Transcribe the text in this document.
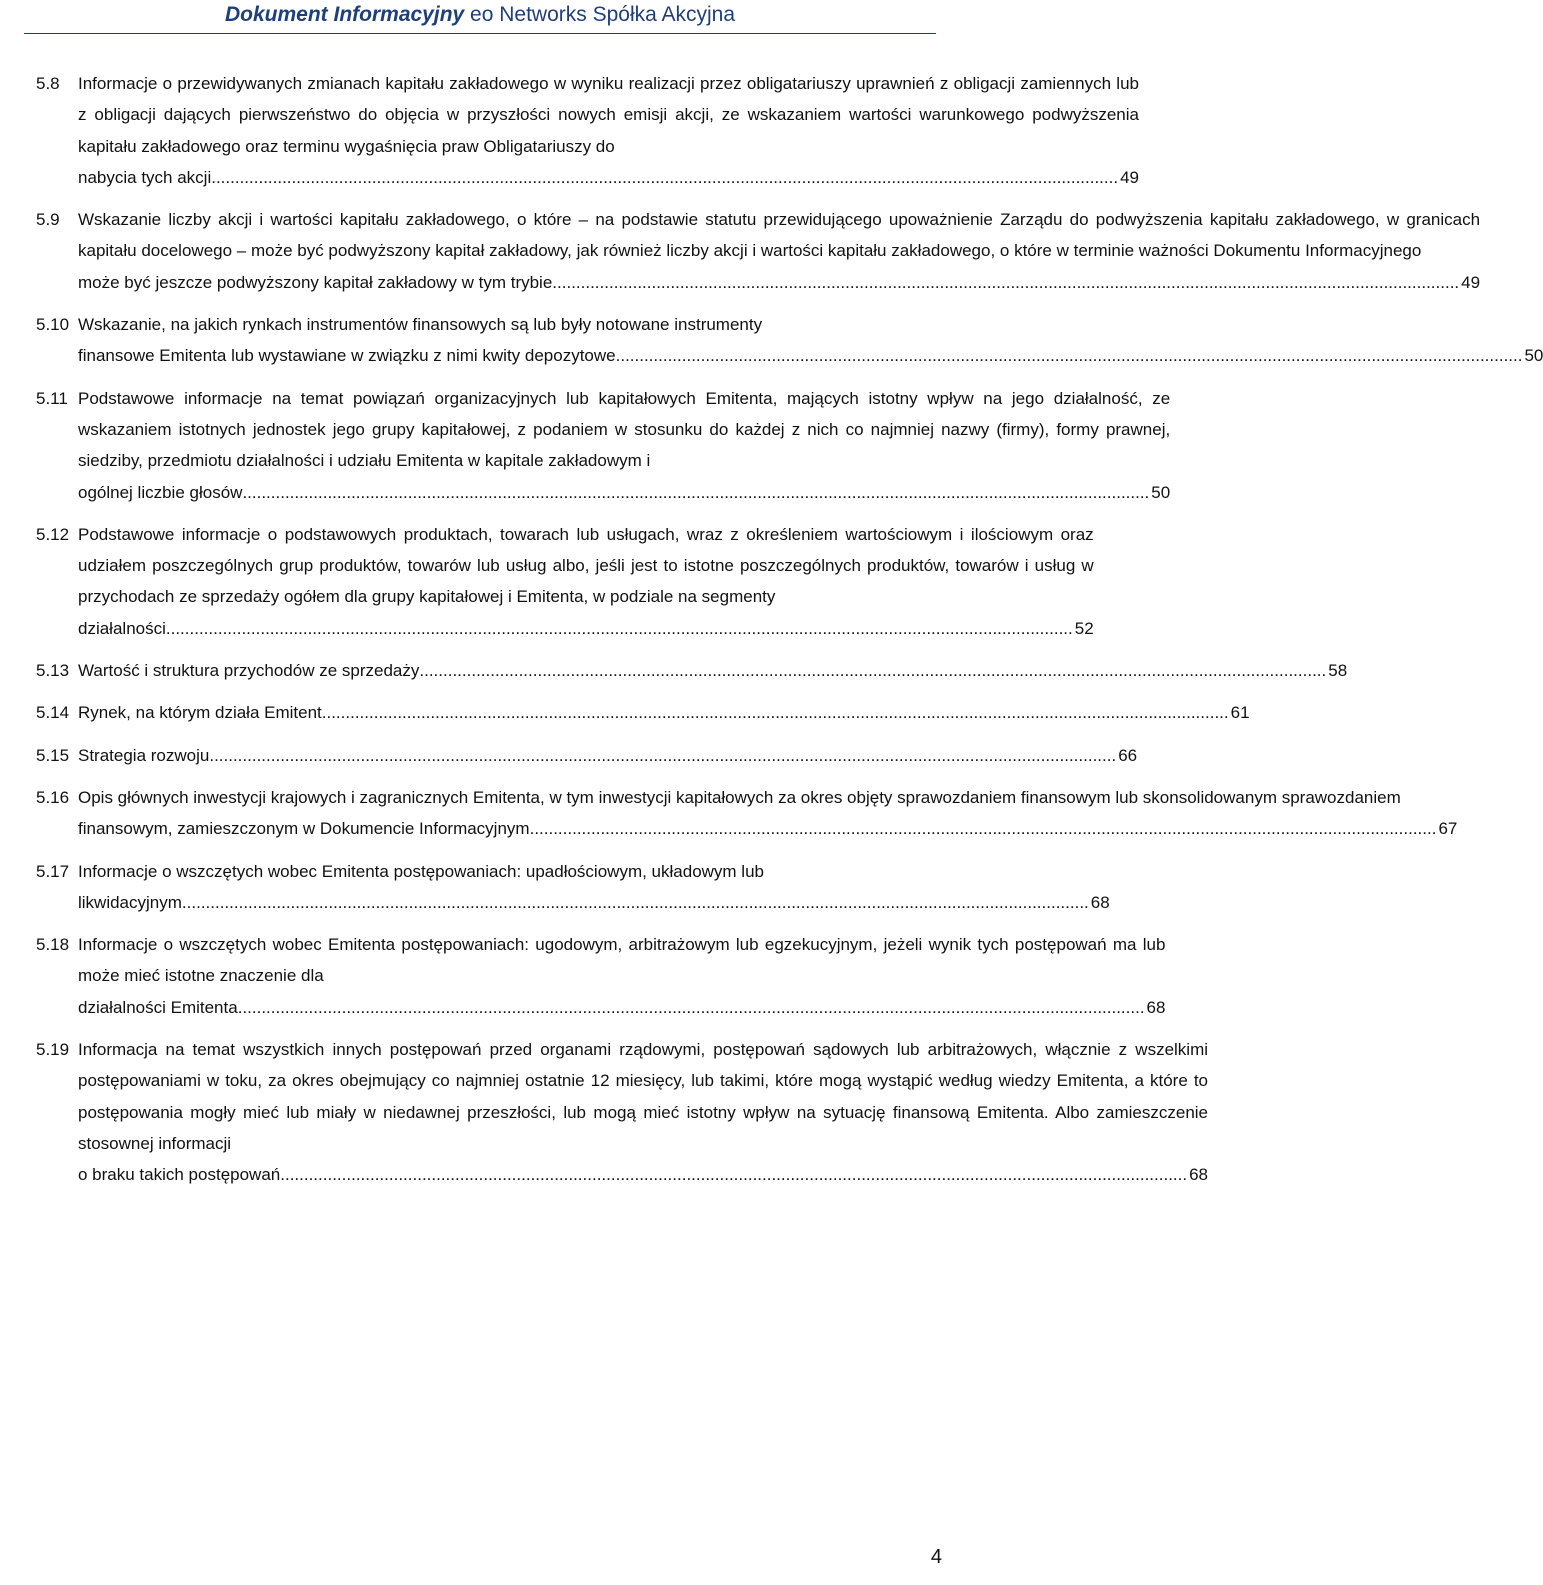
Dokument Informacyjny eo Networks Spółka Akcyjna
5.8	Informacje o przewidywanych zmianach kapitału zakładowego w wyniku realizacji przez obligatariuszy uprawnień z obligacji zamiennych lub z obligacji dających pierwszeństwo do objęcia w przyszłości nowych emisji akcji, ze wskazaniem wartości warunkowego podwyższenia kapitału zakładowego oraz terminu wygaśnięcia praw Obligatariuszy do
nabycia tych akcji .....	49
5.9	Wskazanie liczby akcji i wartości kapitału zakładowego, o które – na podstawie statutu przewidującego upoważnienie Zarządu do podwyższenia kapitału zakładowego, w granicach kapitału docelowego – może być podwyższony kapitał zakładowy, jak również liczby akcji i wartości kapitału zakładowego, o które w terminie ważności Dokumentu Informacyjnego
może być jeszcze podwyższony kapitał zakładowy w tym trybie .....	49
5.10 Wskazanie, na jakich rynkach instrumentów finansowych są lub były notowane instrumenty
finansowe Emitenta lub wystawiane w związku z nimi kwity depozytowe .....	50
5.11 Podstawowe informacje na temat powiązań organizacyjnych lub kapitałowych Emitenta, mających istotny wpływ na jego działalność, ze wskazaniem istotnych jednostek jego grupy kapitałowej, z podaniem w stosunku do każdej z nich co najmniej nazwy (firmy), formy prawnej, siedziby, przedmiotu działalności i udziału Emitenta w kapitale zakładowym i
ogólnej liczbie głosów .....	50
5.12 Podstawowe informacje o podstawowych produktach, towarach lub usługach, wraz z określeniem wartościowym i ilościowym oraz udziałem poszczególnych grup produktów, towarów lub usług albo, jeśli jest to istotne poszczególnych produktów, towarów i usług w przychodach ze sprzedaży ogółem dla grupy kapitałowej i Emitenta, w podziale na segmenty
działalności .....	52
5.13 Wartość i struktura przychodów ze sprzedaży .....	58
5.14 Rynek, na którym działa Emitent .....	61
5.15 Strategia rozwoju .....	66
5.16 Opis głównych inwestycji krajowych i zagranicznych Emitenta, w tym inwestycji kapitałowych za okres objęty sprawozdaniem finansowym lub skonsolidowanym sprawozdaniem
finansowym, zamieszczonym w Dokumencie Informacyjnym .....	67
5.17 Informacje o wszczętych wobec Emitenta postępowaniach: upadłościowym, układowym lub
likwidacyjnym .....	68
5.18 Informacje o wszczętych wobec Emitenta postępowaniach: ugodowym, arbitrażowym lub egzekucyjnym, jeżeli wynik tych postępowań ma lub może mieć istotne znaczenie dla
działalności Emitenta .....	68
5.19 Informacja na temat wszystkich innych postępowań przed organami rządowymi, postępowań sądowych lub arbitrażowych, włącznie z wszelkimi postępowaniami w toku, za okres obejmujący co najmniej ostatnie 12 miesięcy, lub takimi, które mogą wystąpić według wiedzy Emitenta, a które to postępowania mogły mieć lub miały w niedawnej przeszłości, lub mogą mieć istotny wpływ na sytuację finansową Emitenta. Albo zamieszczenie stosownej informacji
o braku takich postępowań .....	68
4
